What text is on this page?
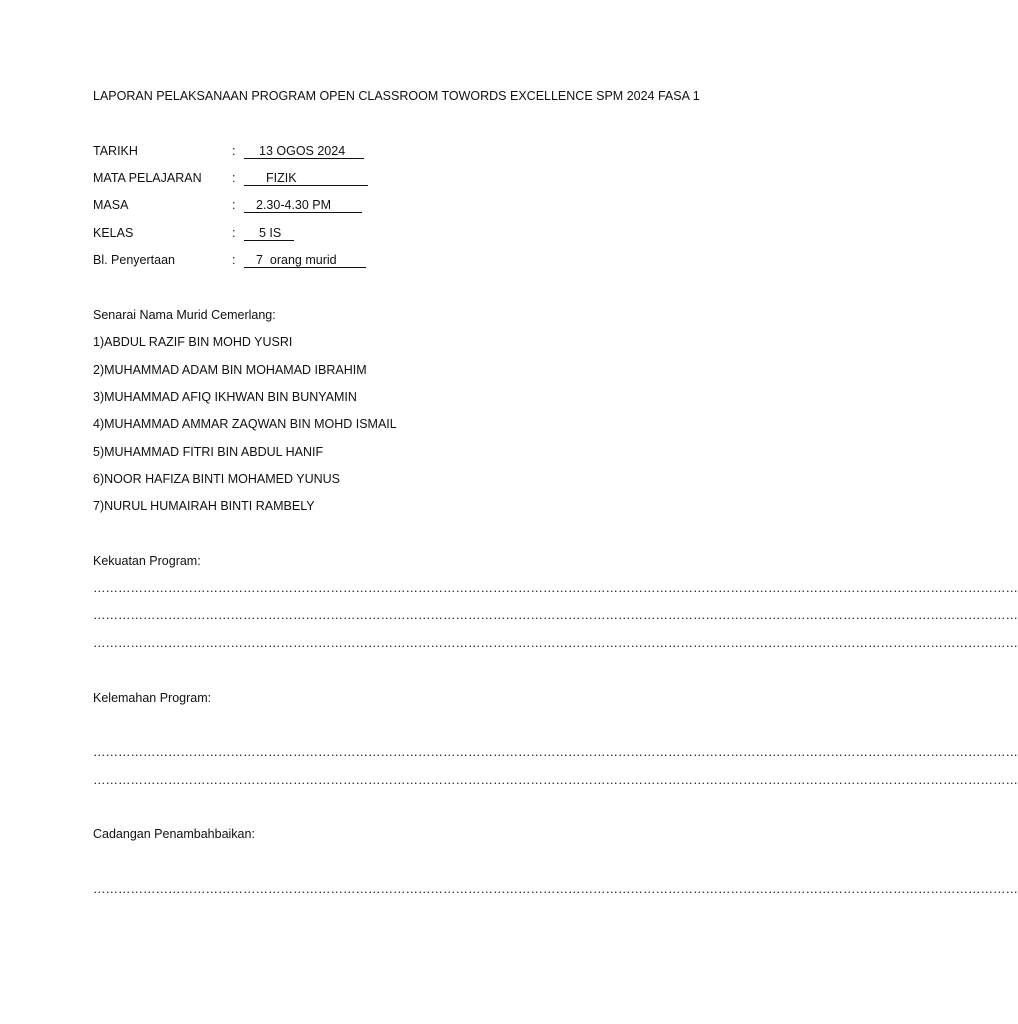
LAPORAN PELAKSANAAN PROGRAM OPEN CLASSROOM TOWORDS EXCELLENCE SPM 2024 FASA 1
TARIKH	:	13 OGOS 2024
MATA PELAJARAN :	FIZIK
MASA	:	2.30-4.30 PM
KELAS	:	5 IS
Bl. Penyertaan	:	7  orang murid
Senarai Nama Murid Cemerlang:
1)ABDUL RAZIF BIN MOHD YUSRI
2)MUHAMMAD ADAM BIN MOHAMAD IBRAHIM
3)MUHAMMAD AFIQ IKHWAN BIN BUNYAMIN
4)MUHAMMAD AMMAR ZAQWAN BIN MOHD ISMAIL
5)MUHAMMAD FITRI BIN ABDUL HANIF
6)NOOR HAFIZA BINTI MOHAMED YUNUS
7)NURUL HUMAIRAH BINTI RAMBELY
Kekuatan Program:
……………………………………………………………………………………………………………………………………………………………………………………………………
……………………………………………………………………………………………………………………………………………………………………………………………………
……………………………………………………………………………………………………………………………………………………………………………………………………
Kelemahan Program:
……………………………………………………………………………………………………………………………………………………………………………………………………
……………………………………………………………………………………………………………………………………………………………………………………………………
Cadangan Penambahbaikan:
……………………………………………………………………………………………………………………………………………………………………………………………………
